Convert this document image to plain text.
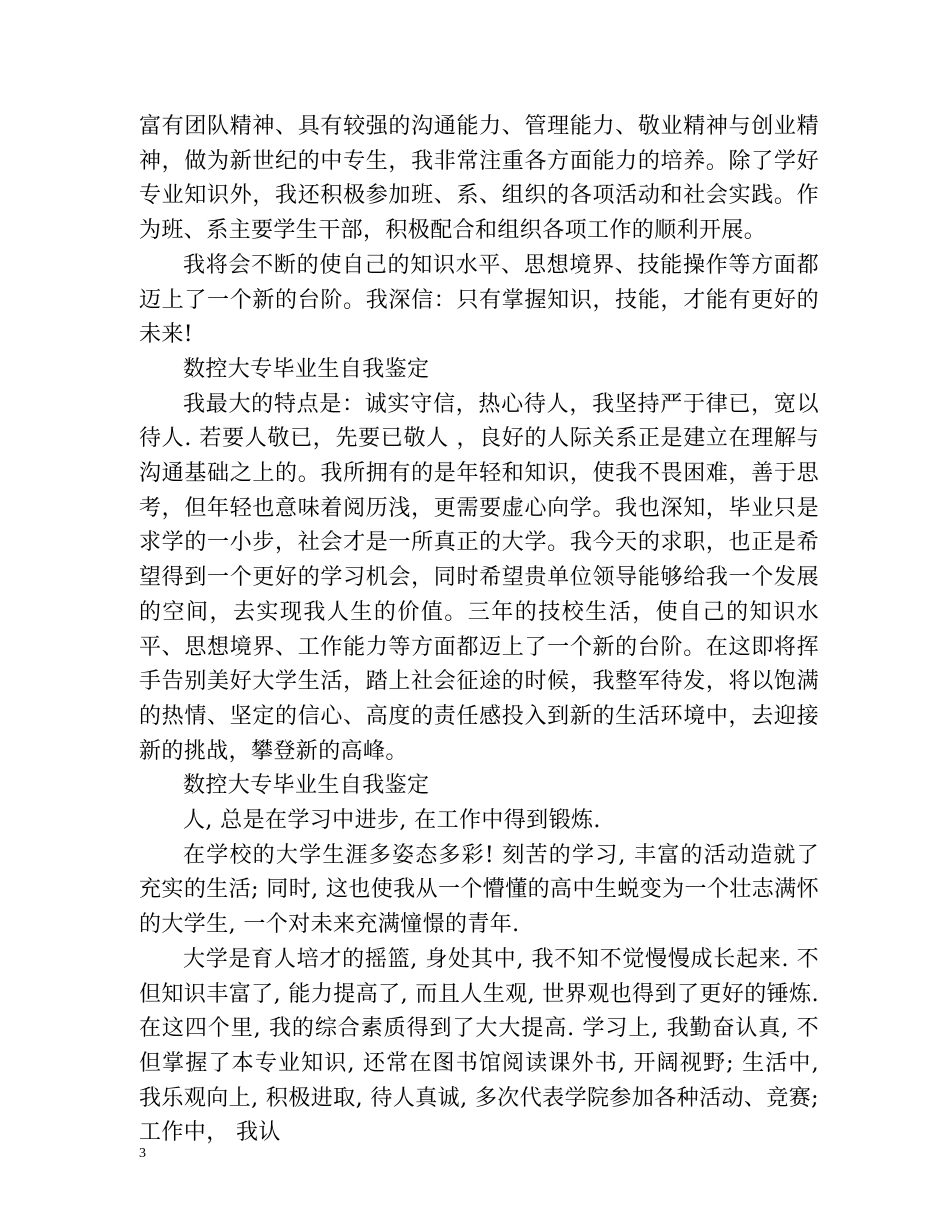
富有团队精神、具有较强的沟通能力、管理能力、敬业精神与创业精神，做为新世纪的中专生，我非常注重各方面能力的培养。除了学好专业知识外，我还积极参加班、系、组织的各项活动和社会实践。作为班、系主要学生干部，积极配合和组织各项工作的顺利开展。

我将会不断的使自己的知识水平、思想境界、技能操作等方面都迈上了一个新的台阶。我深信：只有掌握知识，技能，才能有更好的未来!

数控大专毕业生自我鉴定

我最大的特点是：诚实守信，热心待人，我坚持严于律已，宽以待人. 若要人敬已，先要已敬人 ，良好的人际关系正是建立在理解与沟通基础之上的。我所拥有的是年轻和知识，使我不畏困难，善于思考，但年轻也意味着阅历浅，更需要虚心向学。我也深知，毕业只是求学的一小步，社会才是一所真正的大学。我今天的求职，也正是希望得到一个更好的学习机会，同时希望贵单位领导能够给我一个发展的空间，去实现我人生的价值。三年的技校生活，使自己的知识水平、思想境界、工作能力等方面都迈上了一个新的台阶。在这即将挥手告别美好大学生活，踏上社会征途的时候，我整军待发，将以饱满的热情、坚定的信心、高度的责任感投入到新的生活环境中，去迎接新的挑战，攀登新的高峰。

数控大专毕业生自我鉴定

人, 总是在学习中进步, 在工作中得到锻炼.

在学校的大学生涯多姿态多彩! 刻苦的学习, 丰富的活动造就了充实的生活; 同时, 这也使我从一个懵懂的高中生蜕变为一个壮志满怀的大学生, 一个对未来充满憧憬的青年.

大学是育人培才的摇篮, 身处其中, 我不知不觉慢慢成长起来. 不但知识丰富了, 能力提高了, 而且人生观, 世界观也得到了更好的锤炼. 在这四个里, 我的综合素质得到了大大提高. 学习上, 我勤奋认真, 不但掌握了本专业知识, 还常在图书馆阅读课外书, 开阔视野; 生活中, 我乐观向上, 积极进取, 待人真诚, 多次代表学院参加各种活动、竞赛; 工作中， 我认

3
